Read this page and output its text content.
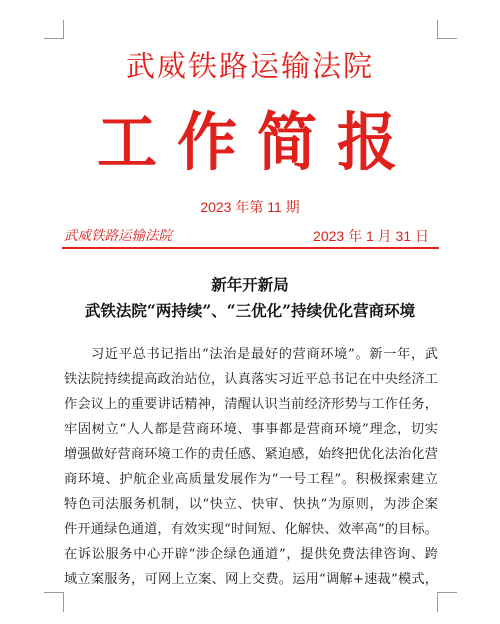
武威铁路运输法院
工作简报
2023 年第 11 期
武威铁路运输法院	2023 年 1 月 31 日
新年开新局
武铁法院“两持续”、“三优化”持续优化营商环境
习近平总书记指出“法治是最好的营商环境”。新一年，武
铁法院持续提高政治站位，认真落实习近平总书记在中央经济工
作会议上的重要讲话精神，清醒认识当前经济形势与工作任务，
牢固树立“人人都是营商环境、事事都是营商环境”理念，切实
增强做好营商环境工作的责任感、紧迫感，始终把优化法治化营
商环境、护航企业高质量发展作为“一号工程”。积极探索建立
特色司法服务机制，以“快立、快审、快执”为原则，为涉企案
件开通绿色通道，有效实现“时间短、化解快、效率高”的目标。
在诉讼服务中心开辟“涉企绿色通道”，提供免费法律咨询、跨
域立案服务，可网上立案、网上交费。运用“调解+速裁”模式，
